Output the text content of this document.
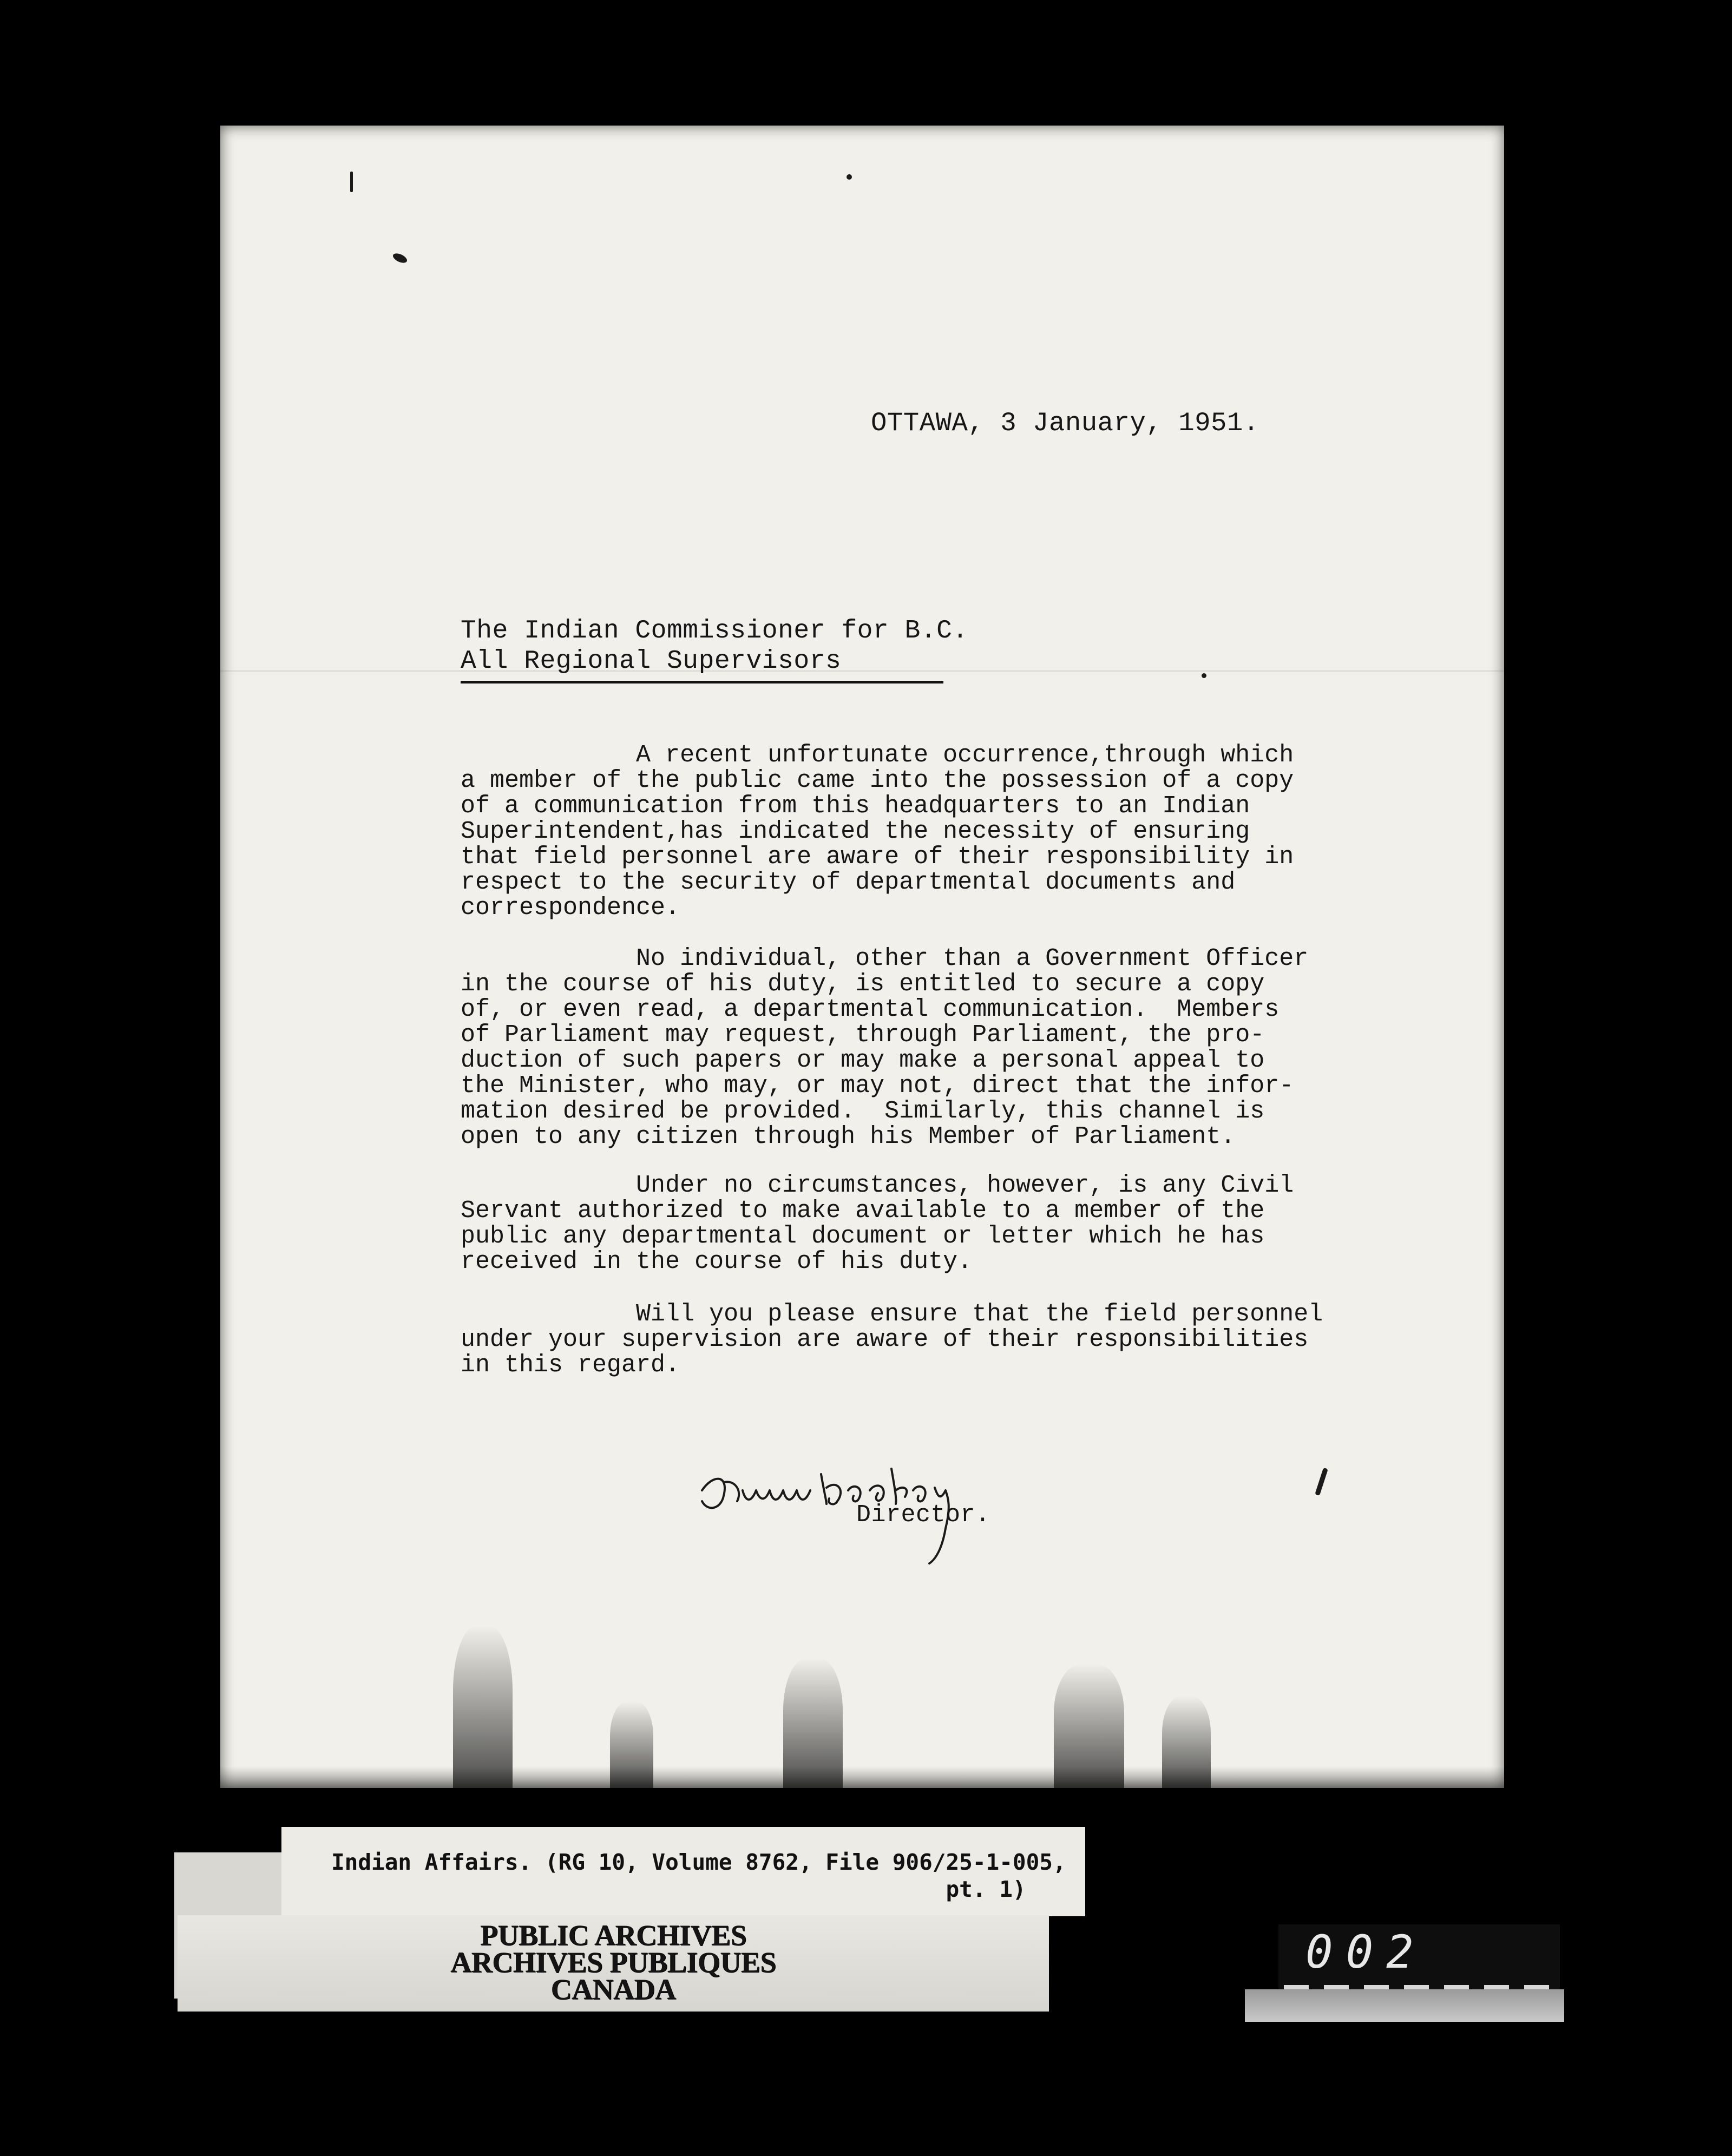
OTTAWA, 3 January, 1951.
The Indian Commissioner for B.C.
All Regional Supervisors
A recent unfortunate occurrence,through which
a member of the public came into the possession of a copy
of a communication from this headquarters to an Indian
Superintendent,has indicated the necessity of ensuring
that field personnel are aware of their responsibility in
respect to the security of departmental documents and
correspondence.
No individual, other than a Government Officer
in the course of his duty, is entitled to secure a copy
of, or even read, a departmental communication.  Members
of Parliament may request, through Parliament, the pro-
duction of such papers or may make a personal appeal to
the Minister, who may, or may not, direct that the infor-
mation desired be provided.  Similarly, this channel is
open to any citizen through his Member of Parliament.
Under no circumstances, however, is any Civil
Servant authorized to make available to a member of the
public any departmental document or letter which he has
received in the course of his duty.
Will you please ensure that the field personnel
under your supervision are aware of their responsibilities
in this regard.
Director.
Indian Affairs. (RG 10, Volume 8762, File 906/25-1-005,
pt. 1)
PUBLIC ARCHIVES
ARCHIVES PUBLIQUES
CANADA
002
